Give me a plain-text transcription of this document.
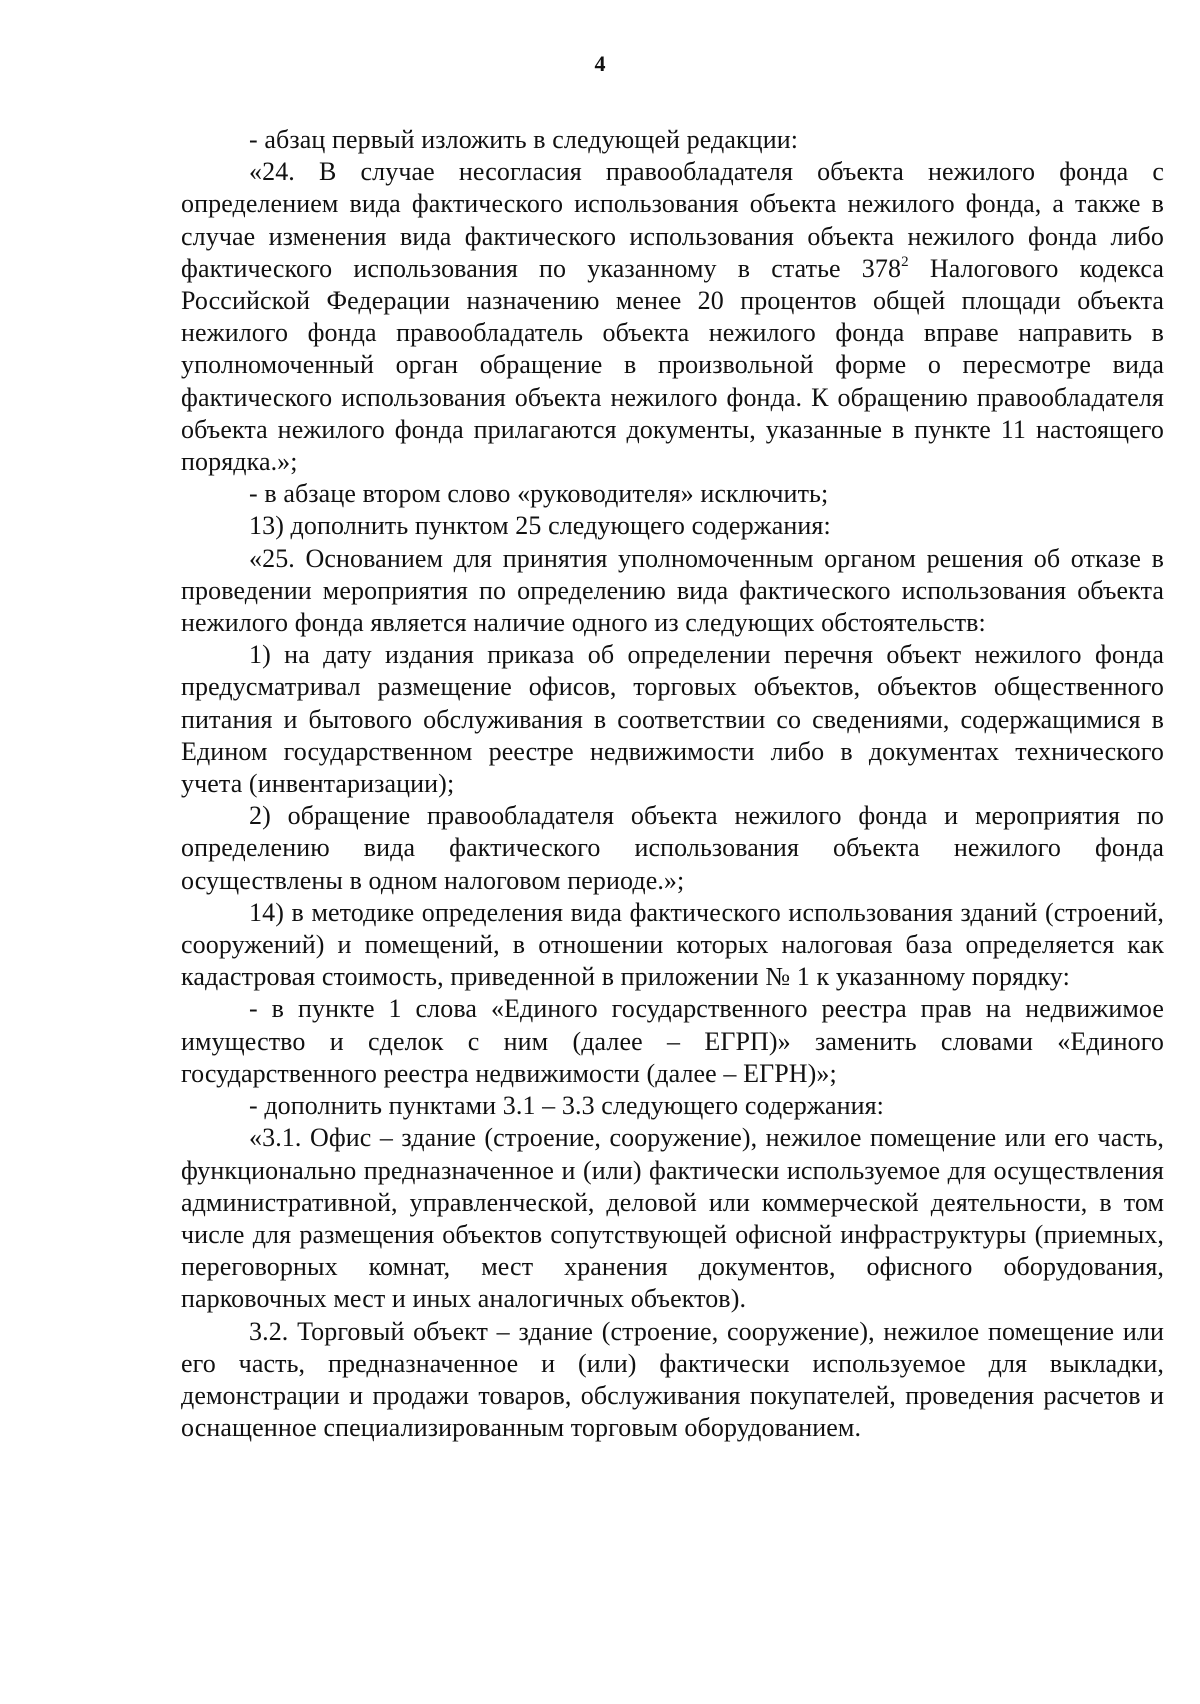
4

- абзац первый изложить в следующей редакции:

«24. В случае несогласия правообладателя объекта нежилого фонда с определением вида фактического использования объекта нежилого фонда, а также в случае изменения вида фактического использования объекта нежилого фонда либо фактического использования по указанному в статье $378^2$ Налогового кодекса Российской Федерации назначению менее 20 процентов общей площади объекта нежилого фонда правообладатель объекта нежилого фонда вправе направить в уполномоченный орган обращение в произвольной форме о пересмотре вида фактического использования объекта нежилого фонда. К обращению правообладателя объекта нежилого фонда прилагаются документы, указанные в пункте 11 настоящего порядка.»;

- в абзаце втором слово «руководителя» исключить;

13) дополнить пунктом 25 следующего содержания:

«25. Основанием для принятия уполномоченным органом решения об отказе в проведении мероприятия по определению вида фактического использования объекта нежилого фонда является наличие одного из следующих обстоятельств:

1) на дату издания приказа об определении перечня объект нежилого фонда предусматривал размещение офисов, торговых объектов, объектов общественного питания и бытового обслуживания в соответствии со сведениями, содержащимися в Едином государственном реестре недвижимости либо в документах технического учета (инвентаризации);

2) обращение правообладателя объекта нежилого фонда и мероприятия по определению вида фактического использования объекта нежилого фонда осуществлены в одном налоговом периоде.»;

14) в методике определения вида фактического использования зданий (строений, сооружений) и помещений, в отношении которых налоговая база определяется как кадастровая стоимость, приведенной в приложении № 1 к указанному порядку:

- в пункте 1 слова «Единого государственного реестра прав на недвижимое имущество и сделок с ним (далее – ЕГРП)» заменить словами «Единого государственного реестра недвижимости (далее – ЕГРН)»;

- дополнить пунктами 3.1 – 3.3 следующего содержания:

«3.1. Офис – здание (строение, сооружение), нежилое помещение или его часть, функционально предназначенное и (или) фактически используемое для осуществления административной, управленческой, деловой или коммерческой деятельности, в том числе для размещения объектов сопутствующей офисной инфраструктуры (приемных, переговорных комнат, мест хранения документов, офисного оборудования, парковочных мест и иных аналогичных объектов).

3.2. Торговый объект – здание (строение, сооружение), нежилое помещение или его часть, предназначенное и (или) фактически используемое для выкладки, демонстрации и продажи товаров, обслуживания покупателей, проведения расчетов и оснащенное специализированным торговым оборудованием.
